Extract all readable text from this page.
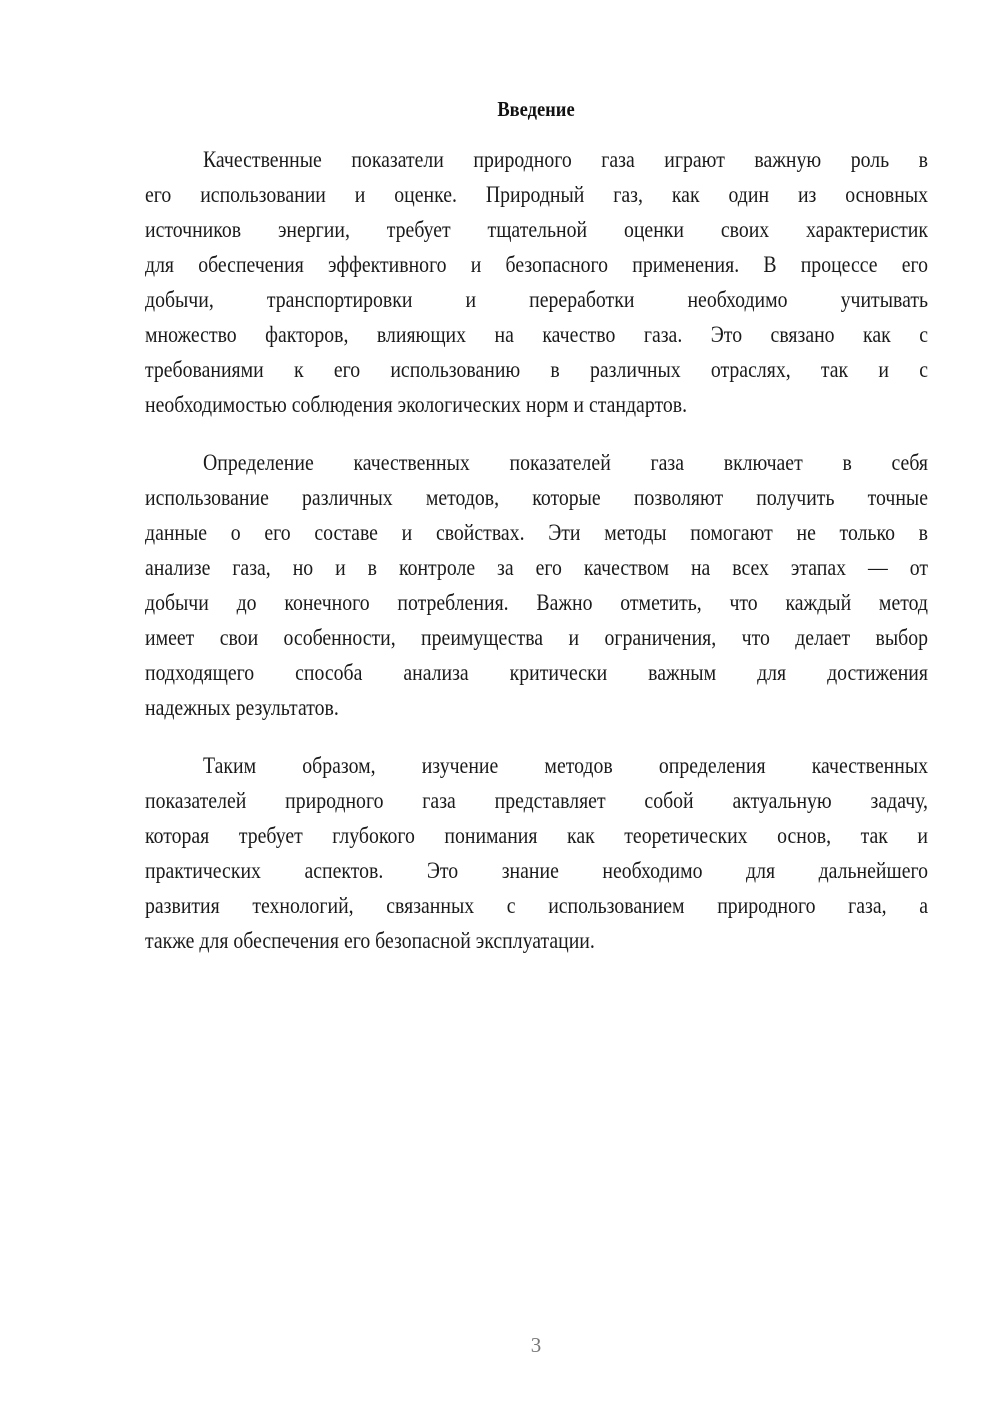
Введение
Качественные показатели природного газа играют важную роль в
его использовании и оценке. Природный газ, как один из основных
источников энергии, требует тщательной оценки своих характеристик
для обеспечения эффективного и безопасного применения. В процессе его
добычи, транспортировки и переработки необходимо учитывать
множество факторов, влияющих на качество газа. Это связано как с
требованиями к его использованию в различных отраслях, так и с
необходимостью соблюдения экологических норм и стандартов.
Определение качественных показателей газа включает в себя
использование различных методов, которые позволяют получить точные
данные о его составе и свойствах. Эти методы помогают не только в
анализе газа, но и в контроле за его качеством на всех этапах — от
добычи до конечного потребления. Важно отметить, что каждый метод
имеет свои особенности, преимущества и ограничения, что делает выбор
подходящего способа анализа критически важным для достижения
надежных результатов.
Таким образом, изучение методов определения качественных
показателей природного газа представляет собой актуальную задачу,
которая требует глубокого понимания как теоретических основ, так и
практических аспектов. Это знание необходимо для дальнейшего
развития технологий, связанных с использованием природного газа, а
также для обеспечения его безопасной эксплуатации.
3
